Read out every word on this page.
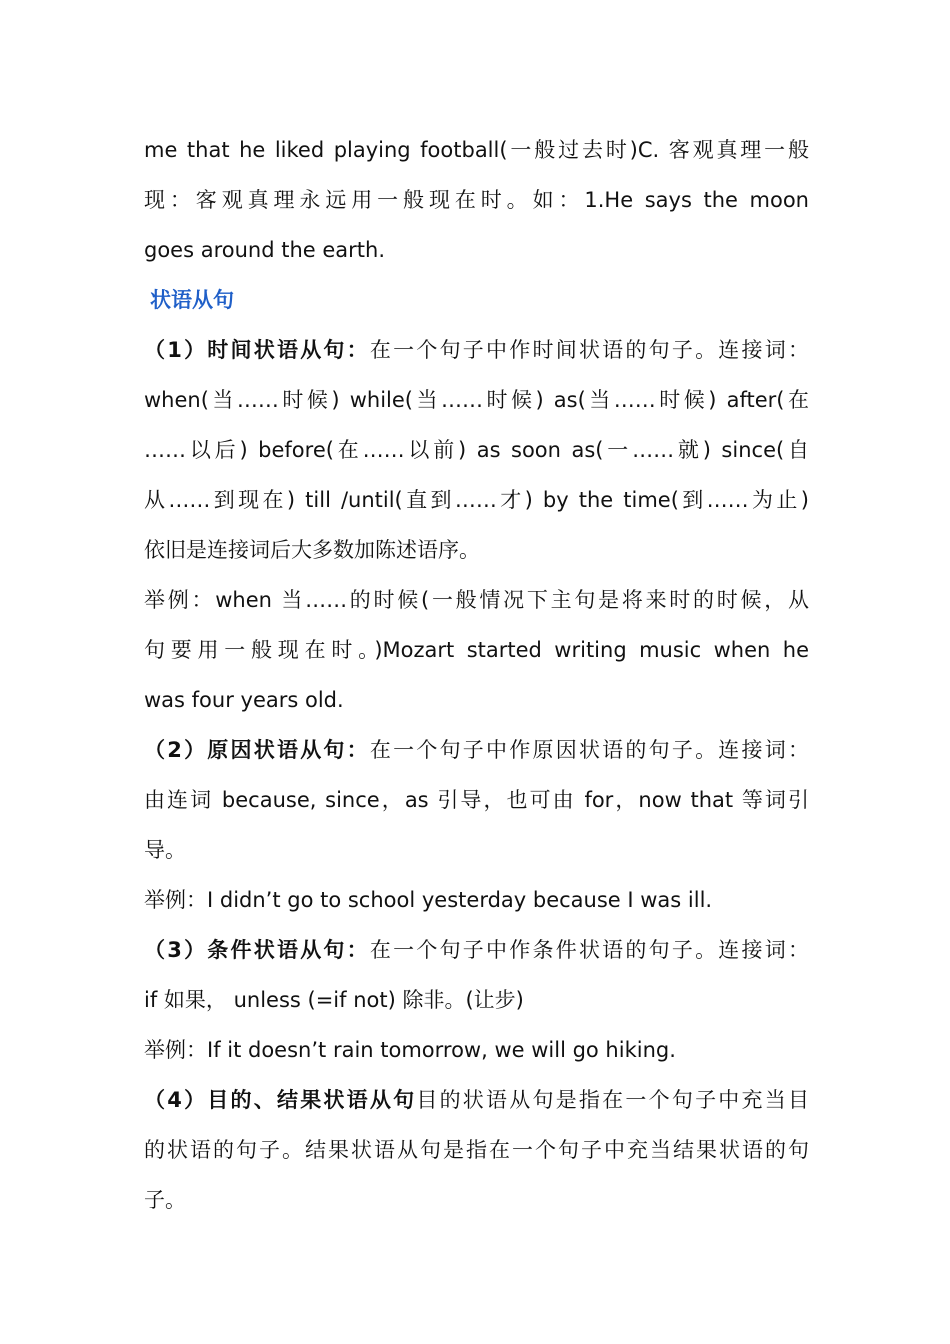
me that he liked playing football(一般过去时)C. 客观真理一般

现：客观真理永远用一般现在时。如：1.He says the moon

goes around the earth.

状语从句

（1）时间状语从句：在一个句子中作时间状语的句子。连接词：

when(当……时候) while(当……时候) as(当……时候) after(在

……以后) before(在……以前) as soon as(一……就) since(自

从……到现在) till /until(直到……才) by the time(到……为止)

依旧是连接词后大多数加陈述语序。

举例：when 当……的时候(一般情况下主句是将来时的时候，从

句要用一般现在时。)Mozart started writing music when he

was four years old.

（2）原因状语从句：在一个句子中作原因状语的句子。连接词：

由连词 because, since，as 引导，也可由 for，now that 等词引

导。

举例：I didn’t go to school yesterday because I was ill.

（3）条件状语从句：在一个句子中作条件状语的句子。连接词：

if 如果， unless (=if not) 除非。(让步)

举例：If it doesn’t rain tomorrow, we will go hiking.

（4）目的、结果状语从句目的状语从句是指在一个句子中充当目

的状语的句子。结果状语从句是指在一个句子中充当结果状语的句

子。
